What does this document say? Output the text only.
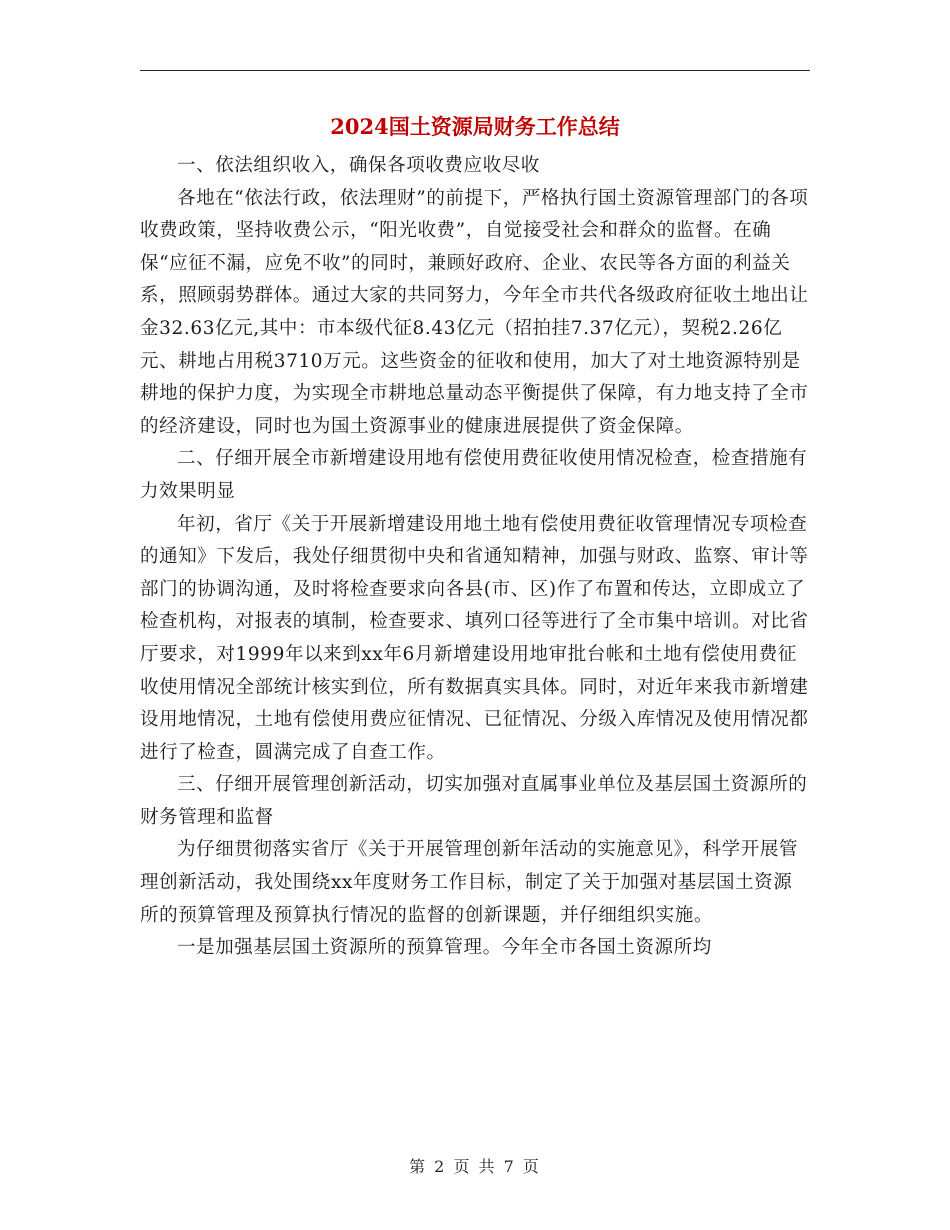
2024国土资源局财务工作总结

一、依法组织收入，确保各项收费应收尽收

各地在“依法行政，依法理财”的前提下，严格执行国土资源管理部门的各项收费政策，坚持收费公示，“阳光收费”，自觉接受社会和群众的监督。在确保“应征不漏，应免不收”的同时，兼顾好政府、企业、农民等各方面的利益关系，照顾弱势群体。通过大家的共同努力，今年全市共代各级政府征收土地出让金32.63亿元,其中：市本级代征8.43亿元（招拍挂7.37亿元），契税2.26亿元、耕地占用税3710万元。这些资金的征收和使用，加大了对土地资源特别是耕地的保护力度，为实现全市耕地总量动态平衡提供了保障，有力地支持了全市的经济建设，同时也为国土资源事业的健康进展提供了资金保障。

二、仔细开展全市新增建设用地有偿使用费征收使用情况检查，检查措施有力效果明显

年初，省厅《关于开展新增建设用地土地有偿使用费征收管理情况专项检查的通知》下发后，我处仔细贯彻中央和省通知精神，加强与财政、监察、审计等部门的协调沟通，及时将检查要求向各县(市、区)作了布置和传达，立即成立了检查机构，对报表的填制，检查要求、填列口径等进行了全市集中培训。对比省厅要求，对1999年以来到xx年6月新增建设用地审批台帐和土地有偿使用费征收使用情况全部统计核实到位，所有数据真实具体。同时，对近年来我市新增建设用地情况，土地有偿使用费应征情况、已征情况、分级入库情况及使用情况都进行了检查，圆满完成了自查工作。

三、仔细开展管理创新活动，切实加强对直属事业单位及基层国土资源所的财务管理和监督

为仔细贯彻落实省厅《关于开展管理创新年活动的实施意见》，科学开展管理创新活动，我处围绕xx年度财务工作目标，制定了关于加强对基层国土资源所的预算管理及预算执行情况的监督的创新课题，并仔细组织实施。

一是加强基层国土资源所的预算管理。今年全市各国土资源所均

第 2 页 共 7 页
